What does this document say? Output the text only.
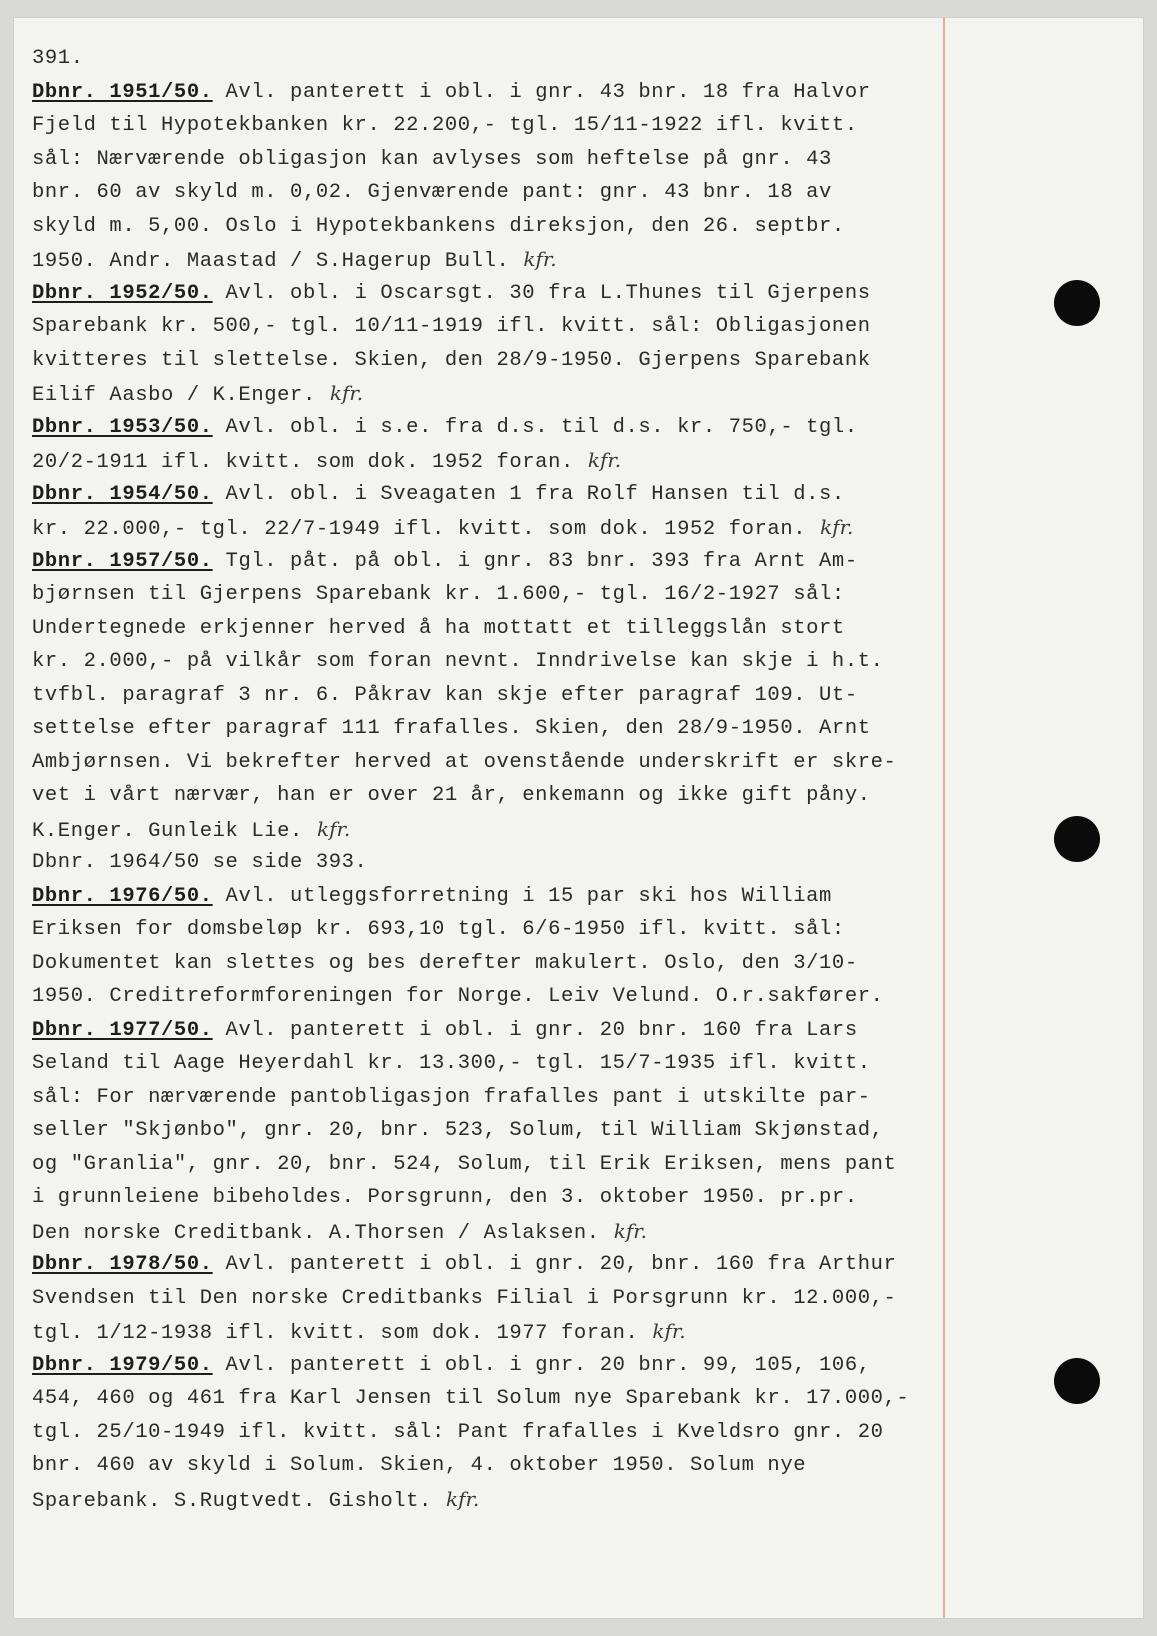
391.
Dbnr. 1951/50. Avl. panterett i obl. i gnr. 43 bnr. 18 fra Halvor
Fjeld til Hypotekbanken kr. 22.200,- tgl. 15/11-1922 ifl. kvitt.
sål: Nærværende obligasjon kan avlyses som heftelse på gnr. 43
bnr. 60 av skyld m. 0,02. Gjenværende pant: gnr. 43 bnr. 18 av
skyld m. 5,00. Oslo i Hypotekbankens direksjon, den 26. septbr.
1950. Andr. Maastad / S.Hagerup Bull. kfr.
Dbnr. 1952/50. Avl. obl. i Oscarsgt. 30 fra L.Thunes til Gjerpens
Sparebank kr. 500,- tgl. 10/11-1919 ifl. kvitt. sål: Obligasjonen
kvitteres til slettelse. Skien, den 28/9-1950. Gjerpens Sparebank
Eilif Aasbo / K.Enger. kfr.
Dbnr. 1953/50. Avl. obl. i s.e. fra d.s. til d.s. kr. 750,- tgl.
20/2-1911 ifl. kvitt. som dok. 1952 foran. kfr.
Dbnr. 1954/50. Avl. obl. i Sveagaten 1 fra Rolf Hansen til d.s.
kr. 22.000,- tgl. 22/7-1949 ifl. kvitt. som dok. 1952 foran. kfr.
Dbnr. 1957/50. Tgl. påt. på obl. i gnr. 83 bnr. 393 fra Arnt Am-
bjørnsen til Gjerpens Sparebank kr. 1.600,- tgl. 16/2-1927 sål:
Undertegnede erkjenner herved å ha mottatt et tilleggslån stort
kr. 2.000,- på vilkår som foran nevnt. Inndrivelse kan skje i h.t.
tvfbl. paragraf 3 nr. 6. Påkrav kan skje efter paragraf 109. Ut-
settelse efter paragraf 111 frafalles. Skien, den 28/9-1950. Arnt
Ambjørnsen. Vi bekrefter herved at ovenstående underskrift er skre-
vet i vårt nærvær, han er over 21 år, enkemann og ikke gift påny.
K.Enger. Gunleik Lie. kfr.
Dbnr. 1964/50 se side 393.
Dbnr. 1976/50. Avl. utleggsforretning i 15 par ski hos William
Eriksen for domsbeløp kr. 693,10 tgl. 6/6-1950 ifl. kvitt. sål:
Dokumentet kan slettes og bes derefter makulert. Oslo, den 3/10-
1950. Creditreformforeningen for Norge. Leiv Velund. O.r.sakfører.
Dbnr. 1977/50. Avl. panterett i obl. i gnr. 20 bnr. 160 fra Lars
Seland til Aage Heyerdahl kr. 13.300,- tgl. 15/7-1935 ifl. kvitt.
sål: For nærværende pantobligasjon frafalles pant i utskilte par-
seller "Skjønbo", gnr. 20, bnr. 523, Solum, til William Skjønstad,
og "Granlia", gnr. 20, bnr. 524, Solum, til Erik Eriksen, mens pant
i grunnleiene bibeholdes. Porsgrunn, den 3. oktober 1950. pr.pr.
Den norske Creditbank. A.Thorsen / Aslaksen. kfr.
Dbnr. 1978/50. Avl. panterett i obl. i gnr. 20, bnr. 160 fra Arthur
Svendsen til Den norske Creditbanks Filial i Porsgrunn kr. 12.000,-
tgl. 1/12-1938 ifl. kvitt. som dok. 1977 foran. kfr.
Dbnr. 1979/50. Avl. panterett i obl. i gnr. 20 bnr. 99, 105, 106,
454, 460 og 461 fra Karl Jensen til Solum nye Sparebank kr. 17.000,-
tgl. 25/10-1949 ifl. kvitt. sål: Pant frafalles i Kveldsro gnr. 20
bnr. 460 av skyld i Solum. Skien, 4. oktober 1950. Solum nye
Sparebank. S.Rugtvedt. Gisholt. kfr.
